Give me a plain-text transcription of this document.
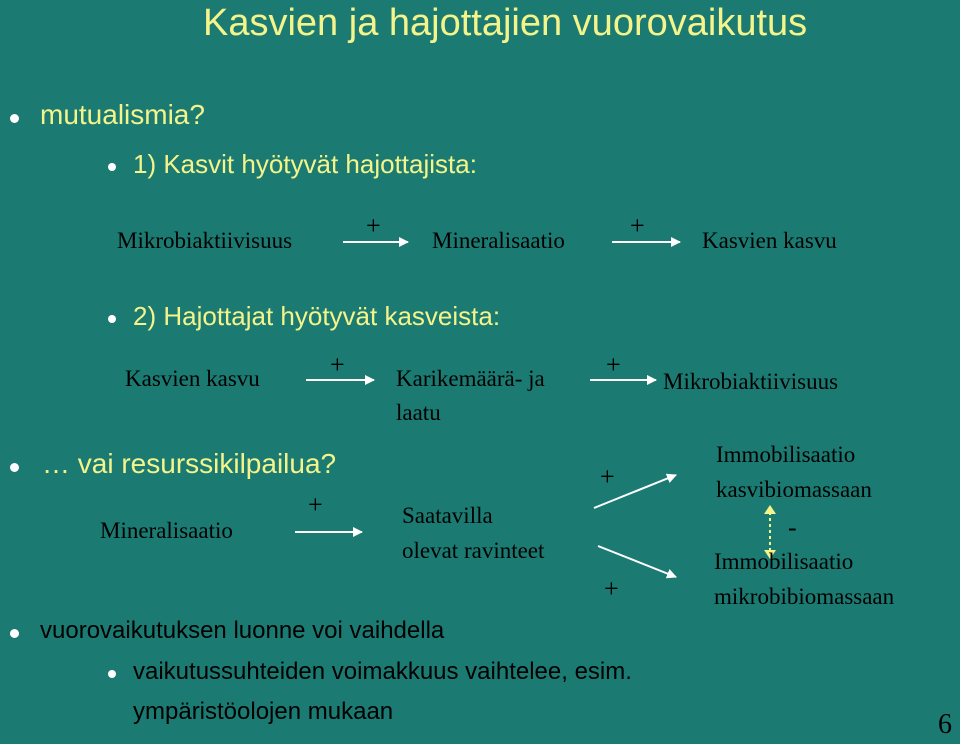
Kasvien ja hajottajien vuorovaikutus
mutualismia?
1) Kasvit hyötyvät hajottajista:
Mikrobiaktiivisuus
+
Mineralisaatio
+
Kasvien kasvu
2) Hajottajat hyötyvät kasveista:
Kasvien kasvu	+ Karikemäärä- ja
laatu
+
Mikrobiaktiivisuus
… vai resurssikilpailua?
Mineralisaatio
+	Saatavilla
olevat ravinteet
+
+
Immobilisaatio
kasvibiomassaan
-
Immobilisaatio
mikrobibiomassaan
vuorovaikutuksen luonne voi vaihdella
vaikutussuhteiden voimakkuus vaihtelee, esim.
ympäristöolojen mukaan	6
